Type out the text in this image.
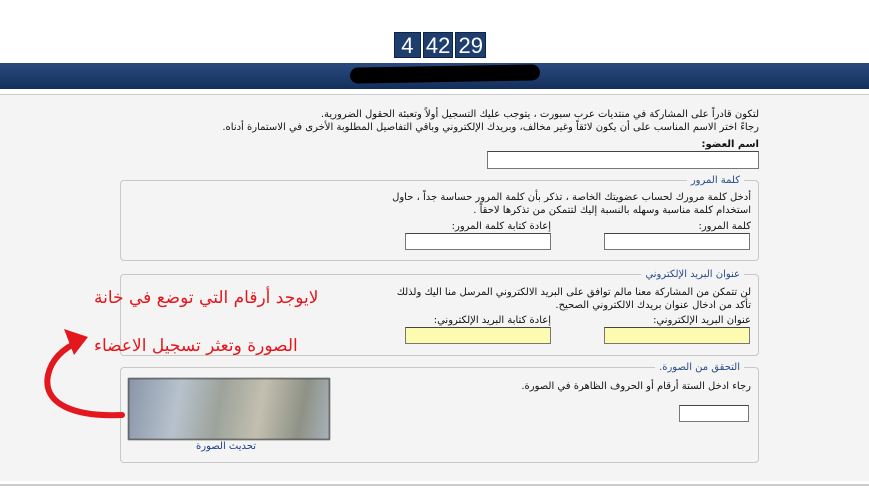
4 42 29
لتكون قادراً على المشاركة في منتديات عرب سبورت ، يتوجب عليك التسجيل أولاً وتعبئة الحقول الضرورية.
رجاءً اختر الاسم المناسب على أن يكون لائقاً وغير مخالف، وبريدك الإلكتروني وباقي التفاصيل المطلوبة الأخرى في الاستمارة أدناه.
اسم العضو:
كلمة المرور
أدخل كلمة مرورك لحساب عضويتك الخاصة ، تذكر بأن كلمة المرور حساسة جداً ، حاول
استخدام كلمة مناسبة وسهله بالنسبة إليك لتتمكن من تذكرها لاحقاً .
كلمة المرور:
إعادة كتابة كلمة المرور:
عنوان البريد الإلكتروني
لن تتمكن من المشاركة معنا مالم توافق على البريد الالكتروني المرسل منا اليك ولذلك
تأكد من ادخال عنوان بريدك الالكتروني الصحيح.
عنوان البريد الإلكتروني:
إعادة كتابة البريد الإلكتروني:
التحقق من الصورة.
رجاء ادخل الستة أرقام أو الحروف الظاهرة في الصورة.
تحديث الصورة
لايوجد أرقام التي توضع في خانة
الصورة وتعثر تسجيل الاعضاء
